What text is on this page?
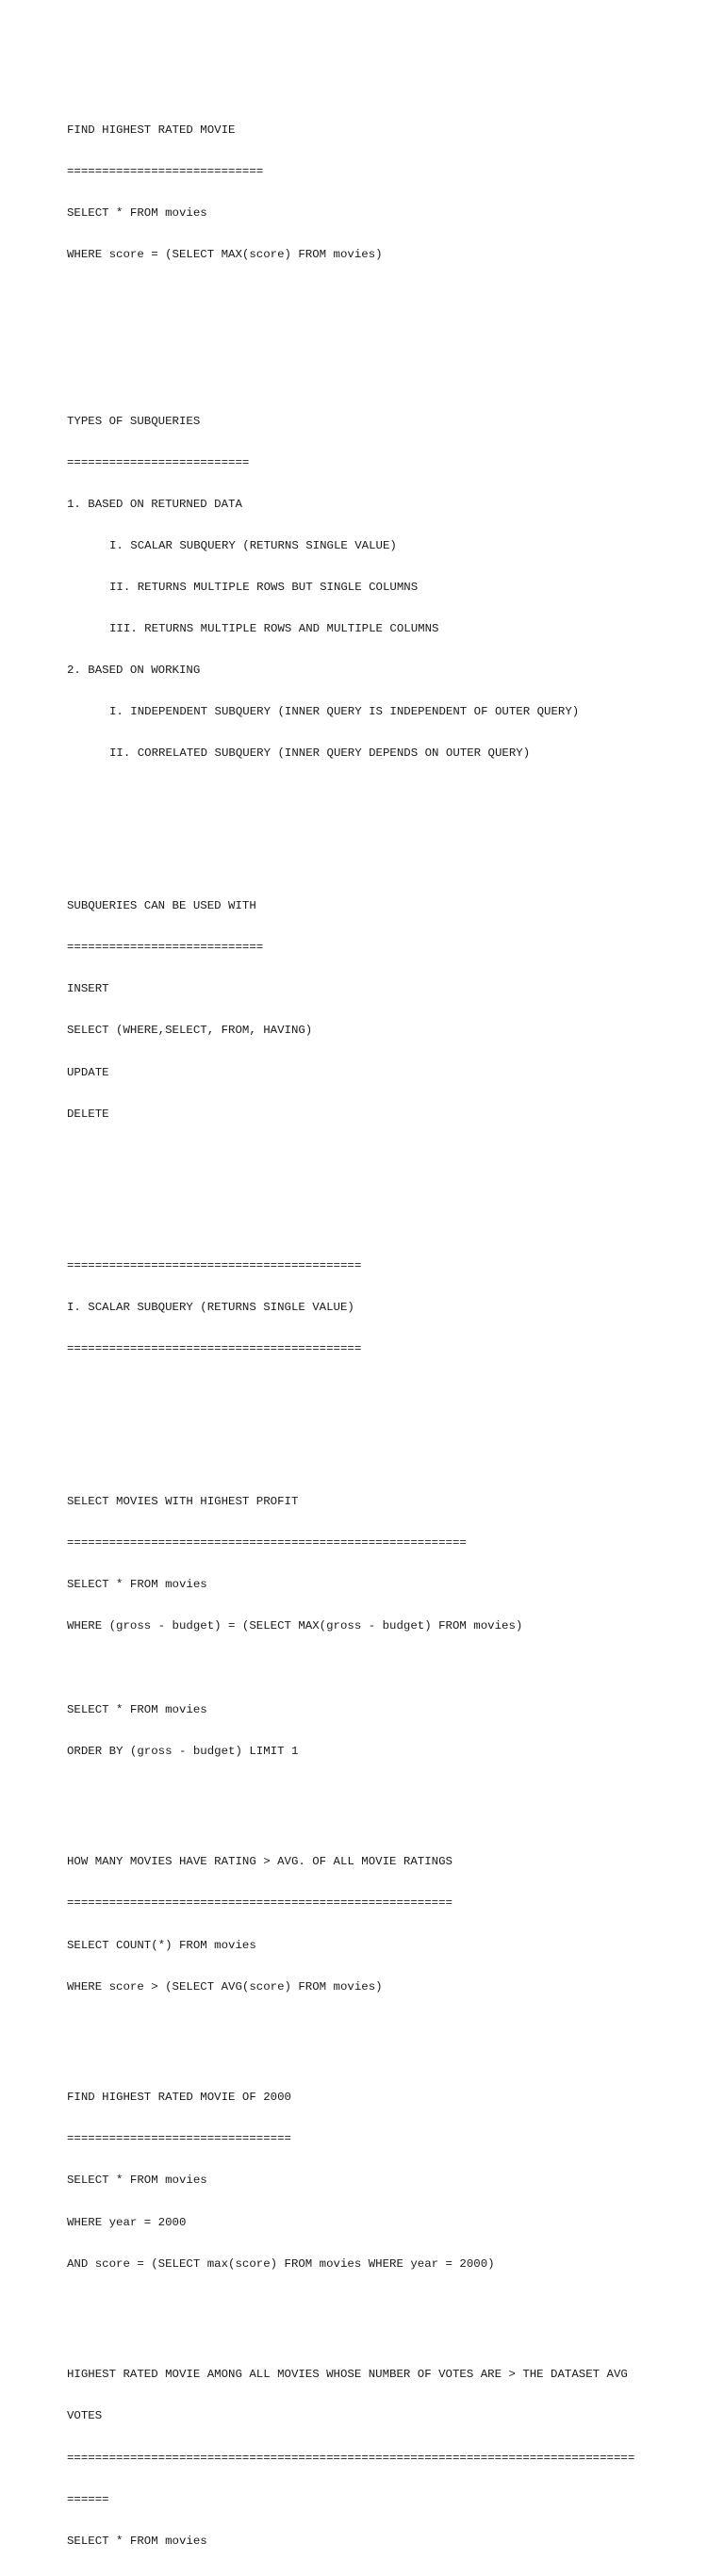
FIND HIGHEST RATED MOVIE

============================

SELECT * FROM movies

WHERE score = (SELECT MAX(score) FROM movies)

TYPES OF SUBQUERIES

==========================

1. BASED ON RETURNED DATA

I. SCALAR SUBQUERY (RETURNS SINGLE VALUE)

II. RETURNS MULTIPLE ROWS BUT SINGLE COLUMNS

III. RETURNS MULTIPLE ROWS AND MULTIPLE COLUMNS

2. BASED ON WORKING

I. INDEPENDENT SUBQUERY (INNER QUERY IS INDEPENDENT OF OUTER QUERY)

II. CORRELATED SUBQUERY (INNER QUERY DEPENDS ON OUTER QUERY)

SUBQUERIES CAN BE USED WITH

============================

INSERT

SELECT (WHERE,SELECT, FROM, HAVING)

UPDATE

DELETE

==========================================

I. SCALAR SUBQUERY (RETURNS SINGLE VALUE)

==========================================

SELECT MOVIES WITH HIGHEST PROFIT

=========================================================

SELECT * FROM movies

WHERE (gross - budget) = (SELECT MAX(gross - budget) FROM movies)

SELECT * FROM movies

ORDER BY (gross - budget) LIMIT 1

HOW MANY MOVIES HAVE RATING > AVG. OF ALL MOVIE RATINGS

=======================================================

SELECT COUNT(*) FROM movies

WHERE score > (SELECT AVG(score) FROM movies)

FIND HIGHEST RATED MOVIE OF 2000

================================

SELECT * FROM movies

WHERE year = 2000

AND score = (SELECT max(score) FROM movies WHERE year = 2000)

HIGHEST RATED MOVIE AMONG ALL MOVIES WHOSE NUMBER OF VOTES ARE > THE DATASET AVG

VOTES

=================================================================================

======

SELECT * FROM movies
